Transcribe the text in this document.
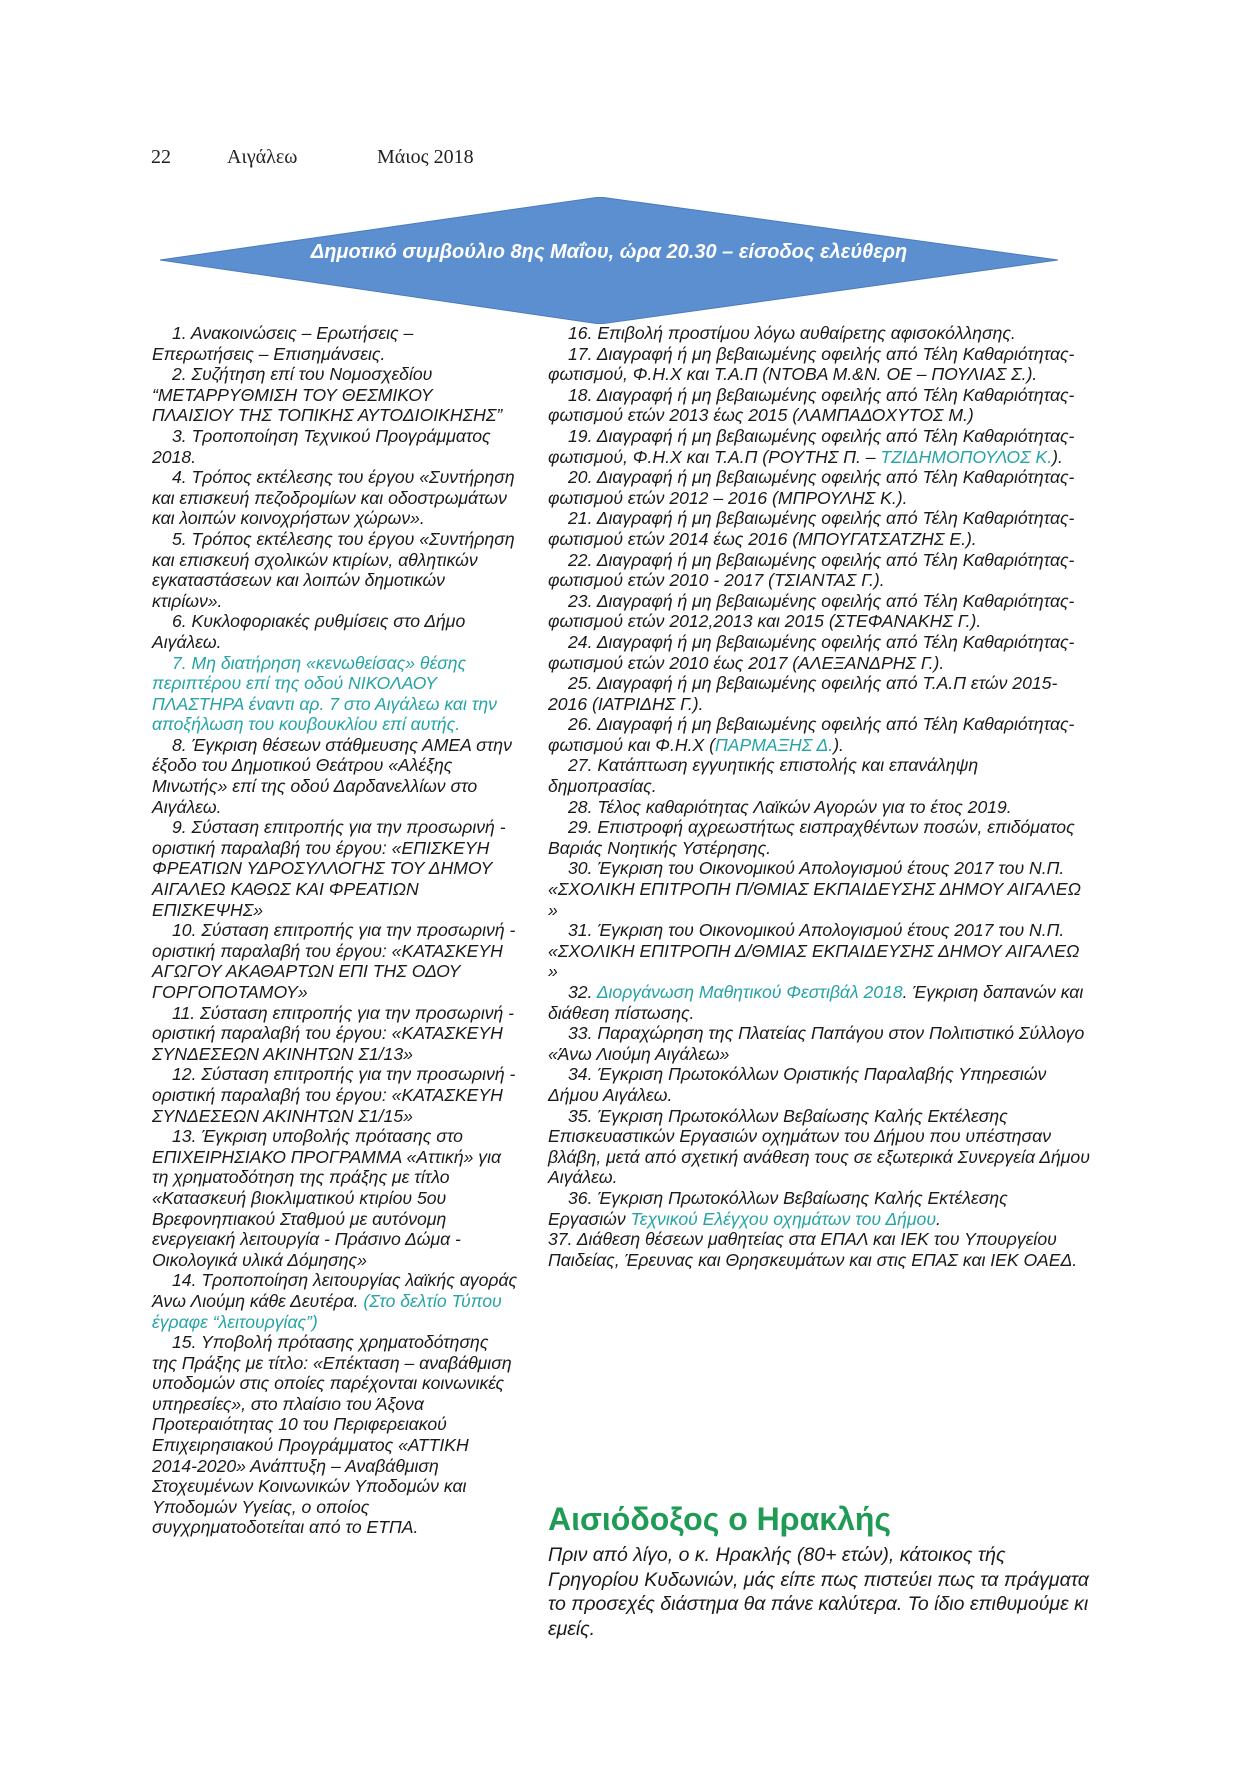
22	Αιγάλεω	Μάιος 2018
Δημοτικό συμβούλιο 8ης Μαΐου, ώρα 20.30 – είσοδος ελεύθερη

1. Ανακοινώσεις – Ερωτήσεις – Επερωτήσεις – Επισημάνσεις.

2. Συζήτηση επί του Νομοσχεδίου “ΜΕΤΑΡΡΥΘΜΙΣΗ ΤΟΥ ΘΕΣΜΙΚΟΥ ΠΛΑΙΣΙΟΥ ΤΗΣ ΤΟΠΙΚΗΣ ΑΥΤΟΔΙΟΙΚΗΣΗΣ”

3. Τροποποίηση Τεχνικού Προγράμματος 2018.

4. Τρόπος εκτέλεσης του έργου «Συντήρηση και επισκευή πεζοδρομίων και οδοστρωμάτων και λοιπών κοινοχρήστων χώρων».

5. Τρόπος εκτέλεσης του έργου «Συντήρηση και επισκευή σχολικών κτιρίων, αθλητικών εγκαταστάσεων και λοιπών δημοτικών κτιρίων».

6. Κυκλοφοριακές ρυθμίσεις στο Δήμο Αιγάλεω.

7. Μη διατήρηση «κενωθείσας» θέσης περιπτέρου επί της οδού ΝΙΚΟΛΑΟΥ ΠΛΑΣΤΗΡΑ έναντι αρ. 7 στο Αιγάλεω και την αποξήλωση του κουβουκλίου επί αυτής.

8. Έγκριση θέσεων στάθμευσης ΑΜΕΑ στην έξοδο του Δημοτικού Θεάτρου «Αλέξης Μινωτής» επί της οδού Δαρδανελλίων στο Αιγάλεω.

9. Σύσταση επιτροπής για την προσωρινή - οριστική παραλαβή του έργου: «ΕΠΙΣΚΕΥΗ ΦΡΕΑΤΙΩΝ ΥΔΡΟΣΥΛΛΟΓΗΣ ΤΟΥ ΔΗΜΟΥ ΑΙΓΑΛΕΩ ΚΑΘΩΣ ΚΑΙ ΦΡΕΑΤΙΩΝ ΕΠΙΣΚΕΨΗΣ»

10. Σύσταση επιτροπής για την προσωρινή - οριστική παραλαβή του έργου: «ΚΑΤΑΣΚΕΥΗ ΑΓΩΓΟΥ ΑΚΑΘΑΡΤΩΝ ΕΠΙ ΤΗΣ ΟΔΟΥ ΓΟΡΓΟΠΟΤΑΜΟΥ»

11. Σύσταση επιτροπής για την προσωρινή - οριστική παραλαβή του έργου: «ΚΑΤΑΣΚΕΥΗ ΣΥΝΔΕΣΕΩΝ ΑΚΙΝΗΤΩΝ Σ1/13»

12. Σύσταση επιτροπής για την προσωρινή - οριστική παραλαβή του έργου: «ΚΑΤΑΣΚΕΥΗ ΣΥΝΔΕΣΕΩΝ ΑΚΙΝΗΤΩΝ Σ1/15»

13. Έγκριση υποβολής πρότασης στο ΕΠΙΧΕΙΡΗΣΙΑΚΟ ΠΡΟΓΡΑΜΜΑ «Αττική» για τη χρηματοδότηση της πράξης με τίτλο «Κατασκευή βιοκλιματικού κτιρίου 5ου Βρεφονηπιακού Σταθμού με αυτόνομη ενεργειακή λειτουργία - Πράσινο Δώμα - Οικολογικά υλικά Δόμησης»

14. Τροποποίηση λειτουργίας λαϊκής αγοράς Άνω Λιούμη κάθε Δευτέρα. (Στο δελτίο Τύπου έγραφε “λειτουργίας”)

15. Υποβολή πρότασης χρηματοδότησης της Πράξης με τίτλο: «Επέκταση – αναβάθμιση υποδομών στις οποίες παρέχονται κοινωνικές υπηρεσίες», στο πλαίσιο του Άξονα Προτεραιότητας 10 του Περιφερειακού Επιχειρησιακού Προγράμματος «ΑΤΤΙΚΗ 2014-2020» Ανάπτυξη – Αναβάθμιση Στοχευμένων Κοινωνικών Υποδομών και Υποδομών Υγείας, ο οποίος συγχρηματοδοτείται από το ΕΤΠΑ.

16. Επιβολή προστίμου λόγω αυθαίρετης αφισοκόλλησης.

17. Διαγραφή ή μη βεβαιωμένης οφειλής από Τέλη Καθαριότητας-φωτισμού, Φ.Η.Χ και Τ.Α.Π (ΝΤΟΒΑ Μ.&Ν. ΟΕ – ΠΟΥΛΙΑΣ Σ.).

18. Διαγραφή ή μη βεβαιωμένης οφειλής από Τέλη Καθαριότητας-φωτισμού ετών 2013 έως 2015 (ΛΑΜΠΑΔΟΧΥΤΟΣ Μ.)

19. Διαγραφή ή μη βεβαιωμένης οφειλής από Τέλη Καθαριότητας-φωτισμού, Φ.Η.Χ και Τ.Α.Π (ΡΟΥΤΗΣ Π. – ΤΖΙΔΗΜΟΠΟΥΛΟΣ Κ.).

20. Διαγραφή ή μη βεβαιωμένης οφειλής από Τέλη Καθαριότητας-φωτισμού ετών 2012 – 2016 (ΜΠΡΟΥΛΗΣ Κ.).

21. Διαγραφή ή μη βεβαιωμένης οφειλής από Τέλη Καθαριότητας-φωτισμού ετών 2014 έως 2016 (ΜΠΟΥΓΑΤΣΑΤΖΗΣ Ε.).

22. Διαγραφή ή μη βεβαιωμένης οφειλής από Τέλη Καθαριότητας-φωτισμού ετών 2010 - 2017 (ΤΣΙΑΝΤΑΣ Γ.).

23. Διαγραφή ή μη βεβαιωμένης οφειλής από Τέλη Καθαριότητας-φωτισμού ετών 2012,2013 και 2015 (ΣΤΕΦΑΝΑΚΗΣ Γ.).

24. Διαγραφή ή μη βεβαιωμένης οφειλής από Τέλη Καθαριότητας-φωτισμού ετών 2010 έως 2017 (ΑΛΕΞΑΝΔΡΗΣ Γ.).

25. Διαγραφή ή μη βεβαιωμένης οφειλής από Τ.Α.Π ετών 2015-2016 (ΙΑΤΡΙΔΗΣ Γ.).

26. Διαγραφή ή μη βεβαιωμένης οφειλής από Τέλη Καθαριότητας-φωτισμού και Φ.Η.Χ (ΠΑΡΜΑΞΗΣ Δ.).

27. Κατάπτωση εγγυητικής επιστολής και επανάληψη δημοπρασίας.

28. Τέλος καθαριότητας Λαϊκών Αγορών για το έτος 2019.

29. Επιστροφή αχρεωστήτως εισπραχθέντων ποσών, επιδόματος Βαριάς Νοητικής Υστέρησης.

30. Έγκριση του Οικονομικού Απολογισμού έτους 2017 του Ν.Π. «ΣΧΟΛΙΚΗ ΕΠΙΤΡΟΠΗ Π/ΘΜΙΑΣ ΕΚΠΑΙΔΕΥΣΗΣ ΔΗΜΟΥ ΑΙΓΑΛΕΩ »

31. Έγκριση του Οικονομικού Απολογισμού έτους 2017 του Ν.Π. «ΣΧΟΛΙΚΗ ΕΠΙΤΡΟΠΗ Δ/ΘΜΙΑΣ ΕΚΠΑΙΔΕΥΣΗΣ ΔΗΜΟΥ ΑΙΓΑΛΕΩ »

32. Διοργάνωση Μαθητικού Φεστιβάλ 2018. Έγκριση δαπανών και διάθεση πίστωσης.

33. Παραχώρηση της Πλατείας Παπάγου στον Πολιτιστικό Σύλλογο «Άνω Λιούμη Αιγάλεω»

34. Έγκριση Πρωτοκόλλων Οριστικής Παραλαβής Υπηρεσιών Δήμου Αιγάλεω.

35. Έγκριση Πρωτοκόλλων Βεβαίωσης Καλής Εκτέλεσης Επισκευαστικών Εργασιών οχημάτων του Δήμου που υπέστησαν βλάβη, μετά από σχετική ανάθεση τους σε εξωτερικά Συνεργεία Δήμου Αιγάλεω.

36. Έγκριση Πρωτοκόλλων Βεβαίωσης Καλής Εκτέλεσης Εργασιών Τεχνικού Ελέγχου οχημάτων του Δήμου.

37. Διάθεση θέσεων μαθητείας στα ΕΠΑΛ και ΙΕΚ του Υπουργείου Παιδείας, Έρευνας και Θρησκευμάτων και στις ΕΠΑΣ και ΙΕΚ ΟΑΕΔ.

Αισιόδοξος ο Ηρακλής
Πριν από λίγο, ο κ. Ηρακλής (80+ ετών), κάτοικος τής Γρηγορίου Κυδωνιών, μάς είπε πως πιστεύει πως τα πράγματα το προσεχές διάστημα θα πάνε καλύτερα. Το ίδιο επιθυμούμε κι εμείς.
